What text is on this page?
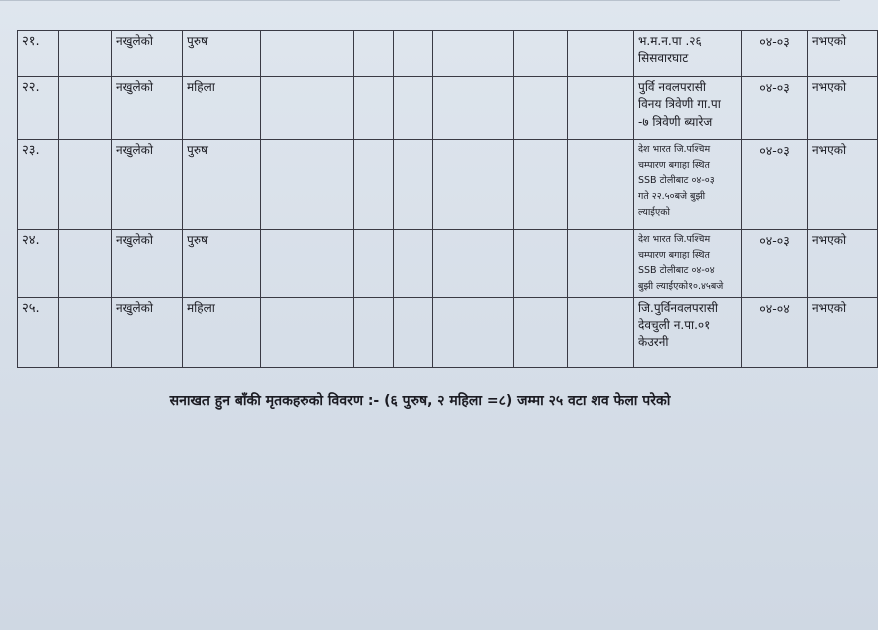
२१.		नखुलेको	पुरुष							भ.म.न.पा .२६
सिसवारघाट	०४-०३	नभएको
२२.		नखुलेको	महिला							पुर्वि नवलपरासी
विनय त्रिवेणी गा.पा
-७ त्रिवेणी ब्यारेज	०४-०३	नभएको
२३.		नखुलेको	पुरुष							देश भारत जि.पश्चिम
चम्पारण बगाहा स्थित
SSB टोलीबाट ०४-०३
गते २२.५०बजे बुझी
ल्याईएको	०४-०३	नभएको
२४.		नखुलेको	पुरुष							देश भारत जि.पश्चिम
चम्पारण बगाहा स्थित
SSB टोलीबाट ०४-०४
बुझी ल्याईएको१०.४५बजे	०४-०३	नभएको
२५.		नखुलेको	महिला							जि.पुर्विनवलपरासी
देवचुली न.पा.०१
केउरनी	०४-०४	नभएको
सनाखत हुन बाँकी मृतकहरुको विवरण :- (६ पुरुष, २ महिला =८) जम्मा २५ वटा शव फेला परेको
